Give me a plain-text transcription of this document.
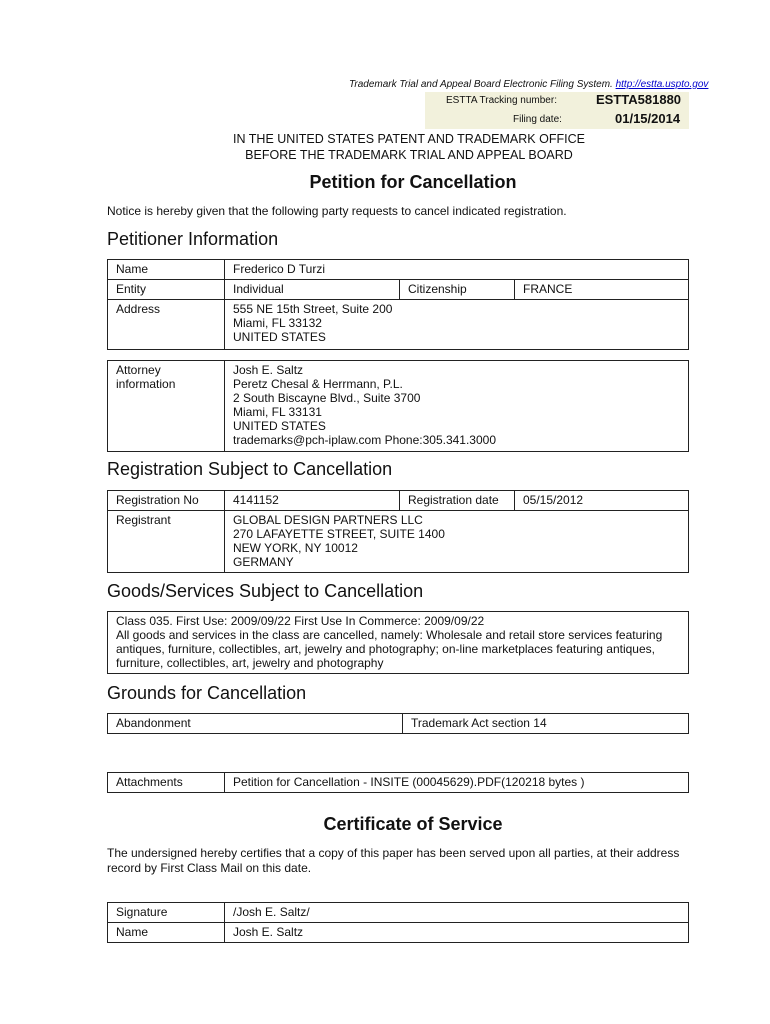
Trademark Trial and Appeal Board Electronic Filing System. http://estta.uspto.gov
ESTTA Tracking number:	ESTTA581880
Filing date:	01/15/2014
IN THE UNITED STATES PATENT AND TRADEMARK OFFICE
BEFORE THE TRADEMARK TRIAL AND APPEAL BOARD
Petition for Cancellation
Notice is hereby given that the following party requests to cancel indicated registration.
Petitioner Information
Name	Frederico D Turzi		
Entity	Individual	Citizenship	FRANCE
Address	555 NE 15th Street, Suite 200
Miami, FL 33132
UNITED STATES		
Attorney
information	Josh E. Saltz
Peretz Chesal & Herrmann, P.L.
2 South Biscayne Blvd., Suite 3700
Miami, FL 33131
UNITED STATES
trademarks@pch-iplaw.com Phone:305.341.3000
Registration Subject to Cancellation
Registration No	4141152	Registration date	05/15/2012
Registrant	GLOBAL DESIGN PARTNERS LLC
270 LAFAYETTE STREET, SUITE 1400
NEW YORK, NY 10012
GERMANY		
Goods/Services Subject to Cancellation
Class 035. First Use: 2009/09/22 First Use In Commerce: 2009/09/22
All goods and services in the class are cancelled, namely: Wholesale and retail store services featuring antiques, furniture, collectibles, art, jewelry and photography; on-line marketplaces featuring antiques, furniture, collectibles, art, jewelry and photography
Grounds for Cancellation
Abandonment	Trademark Act section 14
Attachments	Petition for Cancellation - INSITE (00045629).PDF(120218 bytes )
Certificate of Service
The undersigned hereby certifies that a copy of this paper has been served upon all parties, at their address record by First Class Mail on this date.
Signature	/Josh E. Saltz/
Name	Josh E. Saltz
